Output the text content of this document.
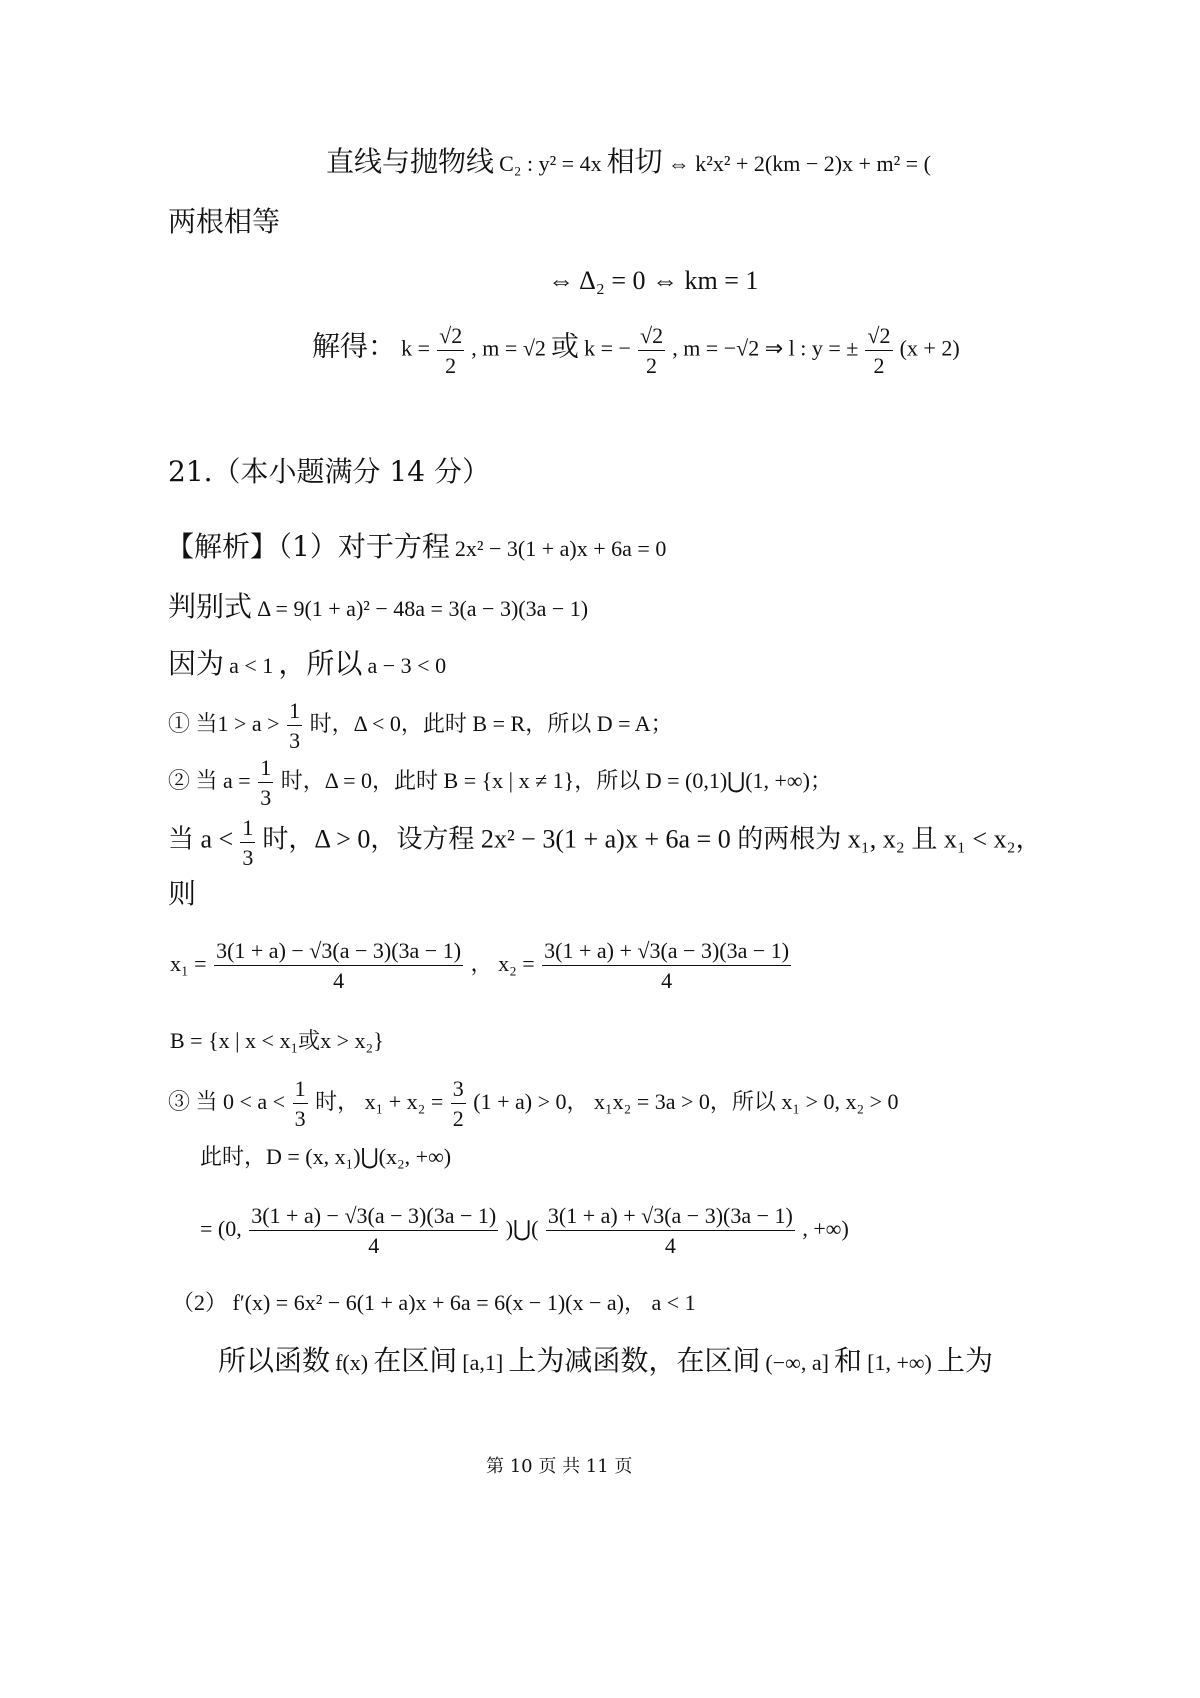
直线与抛物线 C₂ : y² = 4x 相切 ⇔ k²x² + 2(km − 2)x + m² = (
两根相等
⇔ Δ₂ = 0 ⇔ km = 1
解得： $k = \frac{√2}{2}$ , m = √2 或 k = − $\frac{√2}{2}$ , m = −√2 ⇒ l : y = ± $\frac{√2}{2} (x + 2)$
21.（本小题满分 14 分）
【解析】（1）对于方程 2x² − 3(1 + a)x + 6a = 0
判别式 Δ = 9(1 + a)² − 48a = 3(a − 3)(3a − 1)
因为 a < 1 ，所以 a − 3 < 0
① 当$1 > a > \frac{1}{3}$ 时，Δ < 0，此时 B = R，所以 D = A；
② 当 $a = \frac{1}{3}$ 时，Δ = 0，此时 B = {x | x ≠ 1}，所以 D = (0,1)⋃(1, +∞)；
当 $a < \frac{1}{3}$ 时，Δ > 0，设方程 2x² − 3(1 + a)x + 6a = 0 的两根为 x₁, x₂ 且 x₁ < x₂，
则
$x_1 = \frac{3(1 + a) - √3(a - 3)(3a - 1)}{4}$ ， $x_2 = \frac{3(1 + a) + √3(a - 3)(3a - 1)}{4}$
B = {x | x < x₁或x > x₂}
③ 当 $0 < a < \frac{1}{3}$ 时， $x_1 + x_2 = \frac{3}{2} (1 + a) > 0$， x₁x₂ = 3a > 0，所以 x₁ > 0, x₂ > 0
此时，D = (x, x₁)⋃(x₂, +∞)
= (0, $\frac{3(1 + a) - √3(a - 3)(3a - 1)}{4}$ )⋃( $\frac{3(1 + a) + √3(a - 3)(3a - 1)}{4}$ , +∞)
（2） f′(x) = 6x² − 6(1 + a)x + 6a = 6(x − 1)(x − a)， a < 1
所以函数 f(x) 在区间 [a,1] 上为减函数，在区间 (−∞, a] 和 [1, +∞) 上为
第 10 页 共 11 页
